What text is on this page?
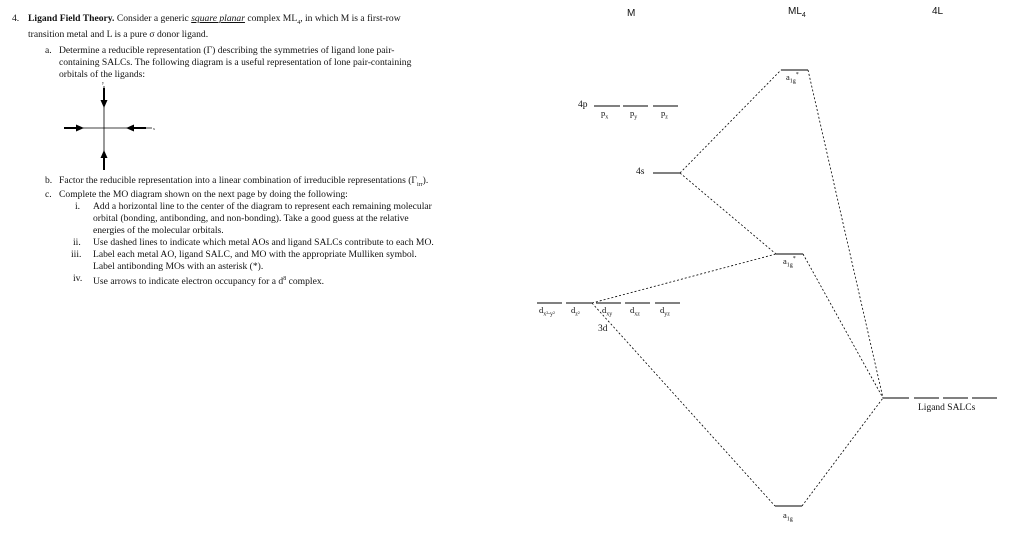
4. Ligand Field Theory. Consider a generic square planar complex $ML_4$, in which M is a first-row
transition metal and L is a pure σ donor ligand.
a. Determine a reducible representation (Γ) describing the symmetries of ligand lone pair-
containing SALCs. The following diagram is a useful representation of lone pair-containing
orbitals of the ligands:
y
x
b. Factor the reducible representation into a linear combination of irreducible representations $(\Gamma_{irr})$.
c. Complete the MO diagram shown on the next page by doing the following:
i. Add a horizontal line to the center of the diagram to represent each remaining molecular
orbital (bonding, antibonding, and non-bonding). Take a good guess at the relative
energies of the molecular orbitals.
ii. Use dashed lines to indicate which metal AOs and ligand SALCs contribute to each MO.
iii. Label each metal AO, ligand SALC, and MO with the appropriate Mulliken symbol.
Label antibonding MOs with an asterisk (*).
iv. Use arrows to indicate electron occupancy for a $d^8$ complex.
M	$ML_4$	4L
4p
$p_x$	$p_y$	$p_z$
4s
$d_{x^2-y^2}$ $d_{z^2}$	$d_{xy}$ $d_{xz}$ $d_{yz}$
3d
$a_{1g}^*$
$a_{1g}^*$
$a_{1g}$
Ligand SALCs
